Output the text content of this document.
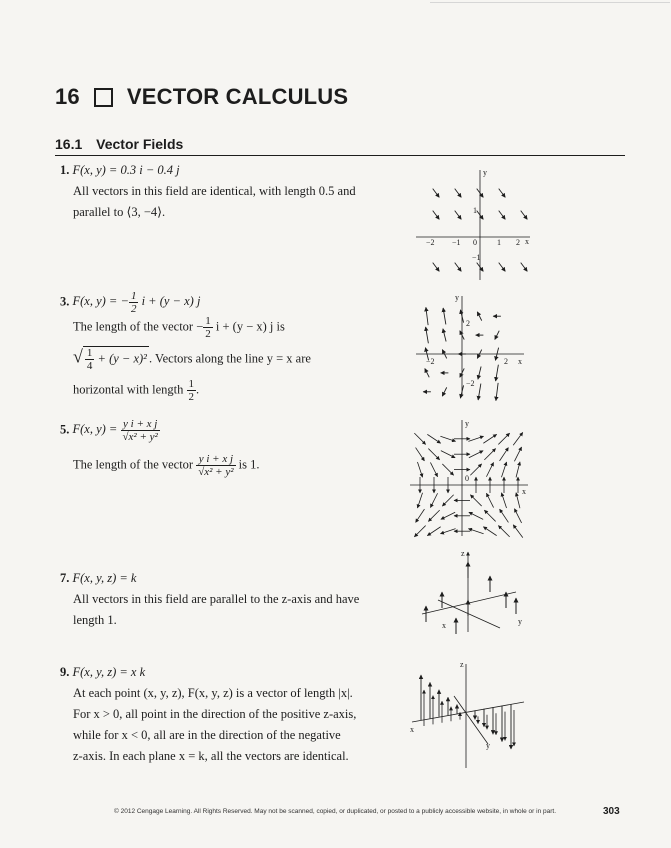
16 VECTOR CALCULUS
16.1 Vector Fields

1. F(x, y) = 0.3 i − 0.4 j

All vectors in this field are identical, with length 0.5 and

parallel to ⟨3, −4⟩.

3. F(x, y) = − $\frac{1}{2}$ i + (y − x) j

The length of the vector − $\frac{1}{2}$ i + (y − x) j is

√ $\frac{1}{4} + (y - x)^2$ . Vectors along the line y = x are

horizontal with length $\frac{1}{2}$ .

5. F(x, $y) = \frac{\text{y i + x j}}{\text{√x² + y²}}$

The length of the vector $\frac{\text{y i + x j}}{\text{√x² + y²}}$ is 1.

7. F(x, y, z) = k

All vectors in this field are parallel to the z-axis and have

length 1.

9. F(x, y, z) = x k

At each point (x, y, z), F(x, y, z) is a vector of length |x|.

For x > 0, all point in the direction of the positive z-axis,

while for x < 0, all are in the direction of the negative

z-axis. In each plane x = k, all the vectors are identical.

y
x
−2 −1 0	1 2
1
−1
y
x
2
−2
2
−2
y
x
0
z
x	y
z
x
y
© 2012 Cengage Learning. All Rights Reserved. May not be scanned, copied, or duplicated, or posted to a publicly accessible website, in whole or in part.	303
